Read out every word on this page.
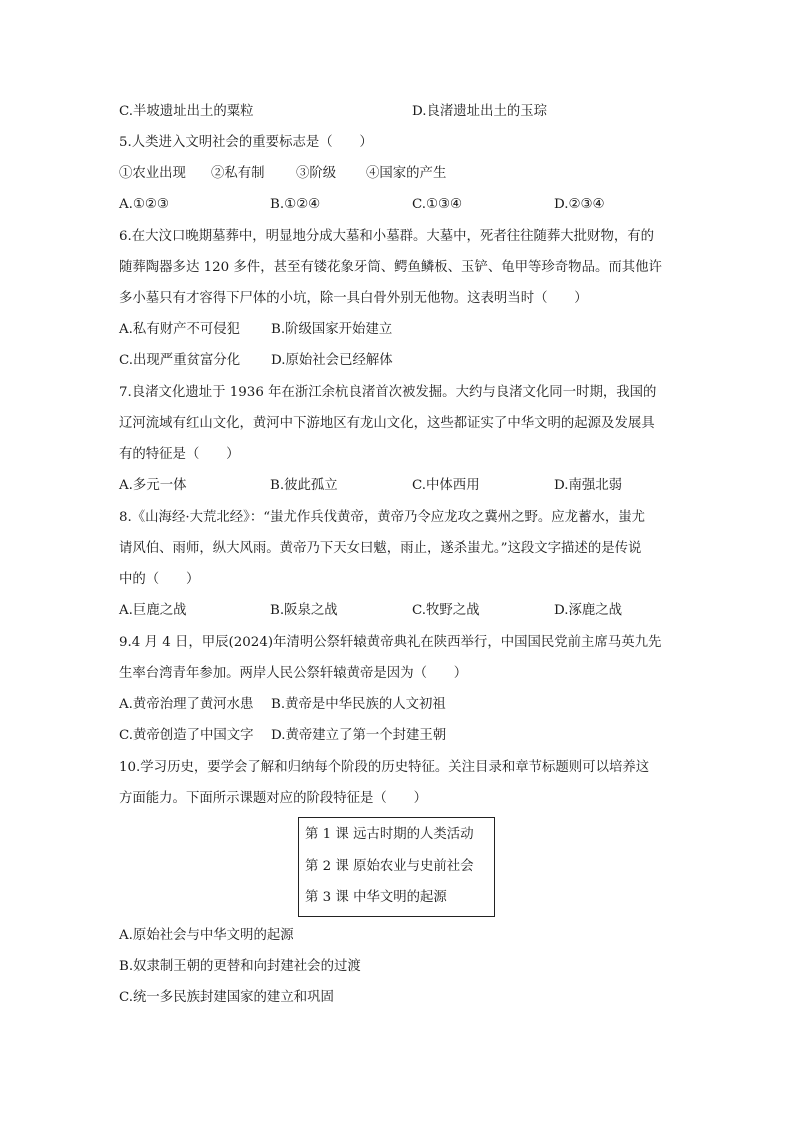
C.半坡遗址出土的粟粒	D.良渚遗址出土的玉琮
5.人类进入文明社会的重要标志是（　　）
①农业出现 ②私有制 ③阶级 ④国家的产生
A.①②③	B.①②④	C.①③④	D.②③④
6.在大汶口晚期墓葬中，明显地分成大墓和小墓群。大墓中，死者往往随葬大批财物，有的
随葬陶器多达 120 多件，甚至有镂花象牙筒、鳄鱼鳞板、玉铲、龟甲等珍奇物品。而其他许
多小墓只有才容得下尸体的小坑，除一具白骨外别无他物。这表明当时（　　）
A.私有财产不可侵犯 B.阶级国家开始建立
C.出现严重贫富分化 D.原始社会已经解体
7.良渚文化遗址于 1936 年在浙江余杭良渚首次被发掘。大约与良渚文化同一时期，我国的
辽河流域有红山文化，黄河中下游地区有龙山文化，这些都证实了中华文明的起源及发展具
有的特征是（　　）
A.多元一体	B.彼此孤立	C.中体西用	D.南强北弱
8.《山海经·大荒北经》：“蚩尤作兵伐黄帝，黄帝乃令应龙攻之冀州之野。应龙蓄水，蚩尤
请风伯、雨师，纵大风雨。黄帝乃下天女曰魃，雨止，遂杀蚩尤。”这段文字描述的是传说
中的（　　）
A.巨鹿之战	B.阪泉之战	C.牧野之战	D.涿鹿之战
9.4 月 4 日，甲辰(2024)年清明公祭轩辕黄帝典礼在陕西举行，中国国民党前主席马英九先
生率台湾青年参加。两岸人民公祭轩辕黄帝是因为（　　）
A.黄帝治理了黄河水患 B.黄帝是中华民族的人文初祖
C.黄帝创造了中国文字 D.黄帝建立了第一个封建王朝
10.学习历史，要学会了解和归纳每个阶段的历史特征。关注目录和章节标题则可以培养这
方面能力。下面所示课题对应的阶段特征是（　　）
第 1 课 远古时期的人类活动
第 2 课 原始农业与史前社会
第 3 课 中华文明的起源
A.原始社会与中华文明的起源
B.奴隶制王朝的更替和向封建社会的过渡
C.统一多民族封建国家的建立和巩固
